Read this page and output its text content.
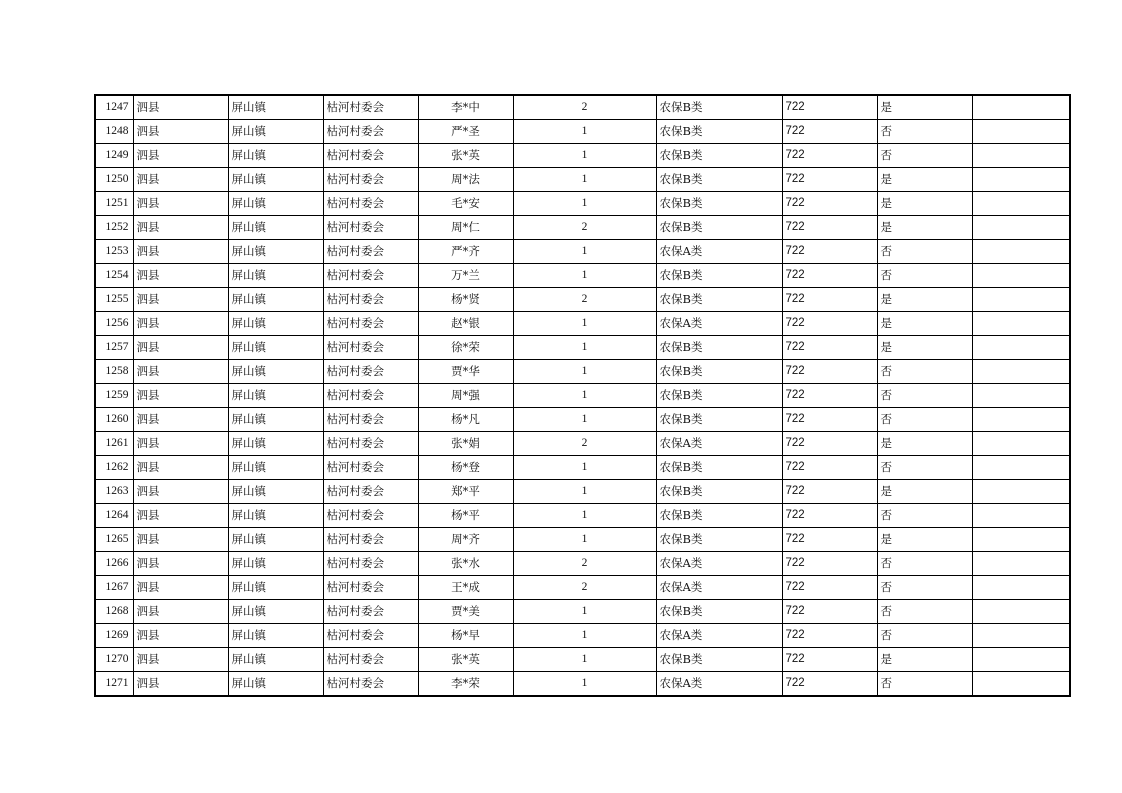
1247	泗县	屏山镇	枯河村委会	李*中	2	农保B类	722	是	
1248	泗县	屏山镇	枯河村委会	严*圣	1	农保B类	722	否	
1249	泗县	屏山镇	枯河村委会	张*英	1	农保B类	722	否	
1250	泗县	屏山镇	枯河村委会	周*法	1	农保B类	722	是	
1251	泗县	屏山镇	枯河村委会	毛*安	1	农保B类	722	是	
1252	泗县	屏山镇	枯河村委会	周*仁	2	农保B类	722	是	
1253	泗县	屏山镇	枯河村委会	严*齐	1	农保A类	722	否	
1254	泗县	屏山镇	枯河村委会	万*兰	1	农保B类	722	否	
1255	泗县	屏山镇	枯河村委会	杨*贤	2	农保B类	722	是	
1256	泗县	屏山镇	枯河村委会	赵*银	1	农保A类	722	是	
1257	泗县	屏山镇	枯河村委会	徐*荣	1	农保B类	722	是	
1258	泗县	屏山镇	枯河村委会	贾*华	1	农保B类	722	否	
1259	泗县	屏山镇	枯河村委会	周*强	1	农保B类	722	否	
1260	泗县	屏山镇	枯河村委会	杨*凡	1	农保B类	722	否	
1261	泗县	屏山镇	枯河村委会	张*娟	2	农保A类	722	是	
1262	泗县	屏山镇	枯河村委会	杨*登	1	农保B类	722	否	
1263	泗县	屏山镇	枯河村委会	郑*平	1	农保B类	722	是	
1264	泗县	屏山镇	枯河村委会	杨*平	1	农保B类	722	否	
1265	泗县	屏山镇	枯河村委会	周*齐	1	农保B类	722	是	
1266	泗县	屏山镇	枯河村委会	张*水	2	农保A类	722	否	
1267	泗县	屏山镇	枯河村委会	王*成	2	农保A类	722	否	
1268	泗县	屏山镇	枯河村委会	贾*美	1	农保B类	722	否	
1269	泗县	屏山镇	枯河村委会	杨*早	1	农保A类	722	否	
1270	泗县	屏山镇	枯河村委会	张*英	1	农保B类	722	是	
1271	泗县	屏山镇	枯河村委会	李*荣	1	农保A类	722	否	
